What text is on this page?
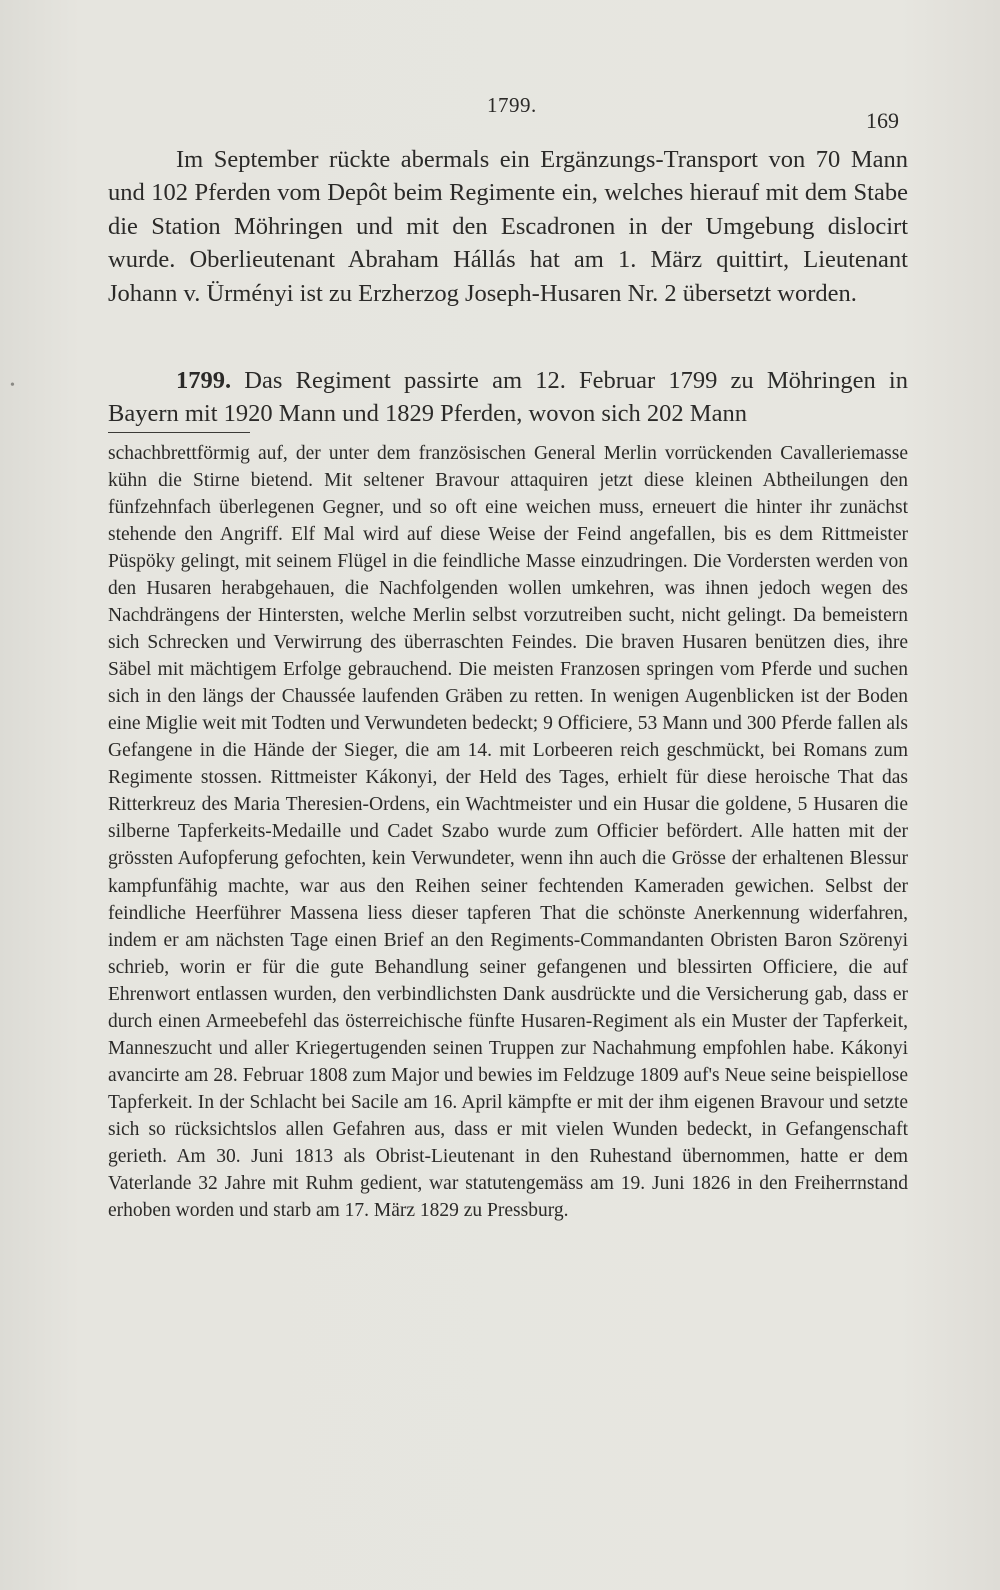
•
1799.
169

Im September rückte abermals ein Ergänzungs-Transport von 70 Mann und 102 Pferden vom Depôt beim Regimente ein, welches hierauf mit dem Stabe die Station Möhringen und mit den Escadronen in der Umgebung dislocirt wurde. Oberlieutenant Abraham Hállás hat am 1. März quittirt, Lieutenant Johann v. Ürményi ist zu Erzherzog Joseph-Husaren Nr. 2 übersetzt worden.

1799. Das Regiment passirte am 12. Februar 1799 zu Möhringen in Bayern mit 1920 Mann und 1829 Pferden, wovon sich 202 Mann

schachbrettförmig auf, der unter dem französischen General Merlin vorrückenden Cavalleriemasse kühn die Stirne bietend. Mit seltener Bravour attaquiren jetzt diese kleinen Abtheilungen den fünfzehnfach überlegenen Gegner, und so oft eine weichen muss, erneuert die hinter ihr zunächst stehende den Angriff. Elf Mal wird auf diese Weise der Feind angefallen, bis es dem Rittmeister Püspöky gelingt, mit seinem Flügel in die feindliche Masse einzudringen. Die Vordersten werden von den Husaren herabgehauen, die Nachfolgenden wollen umkehren, was ihnen jedoch wegen des Nachdrängens der Hintersten, welche Merlin selbst vorzutreiben sucht, nicht gelingt. Da bemeistern sich Schrecken und Verwirrung des überraschten Feindes. Die braven Husaren benützen dies, ihre Säbel mit mächtigem Erfolge gebrauchend. Die meisten Franzosen springen vom Pferde und suchen sich in den längs der Chaussée laufenden Gräben zu retten. In wenigen Augenblicken ist der Boden eine Miglie weit mit Todten und Verwundeten bedeckt; 9 Officiere, 53 Mann und 300 Pferde fallen als Gefangene in die Hände der Sieger, die am 14. mit Lorbeeren reich geschmückt, bei Romans zum Regimente stossen. Rittmeister Kákonyi, der Held des Tages, erhielt für diese heroische That das Ritterkreuz des Maria Theresien-Ordens, ein Wachtmeister und ein Husar die goldene, 5 Husaren die silberne Tapferkeits-Medaille und Cadet Szabo wurde zum Officier befördert. Alle hatten mit der grössten Aufopferung gefochten, kein Verwundeter, wenn ihn auch die Grösse der erhaltenen Blessur kampfunfähig machte, war aus den Reihen seiner fechtenden Kameraden gewichen. Selbst der feindliche Heerführer Massena liess dieser tapferen That die schönste Anerkennung widerfahren, indem er am nächsten Tage einen Brief an den Regiments-Commandanten Obristen Baron Szörenyi schrieb, worin er für die gute Behandlung seiner gefangenen und blessirten Officiere, die auf Ehrenwort entlassen wurden, den verbindlichsten Dank ausdrückte und die Versicherung gab, dass er durch einen Armeebefehl das österreichische fünfte Husaren-Regiment als ein Muster der Tapferkeit, Manneszucht und aller Kriegertugenden seinen Truppen zur Nachahmung empfohlen habe. Kákonyi avancirte am 28. Februar 1808 zum Major und bewies im Feldzuge 1809 auf's Neue seine beispiellose Tapferkeit. In der Schlacht bei Sacile am 16. April kämpfte er mit der ihm eigenen Bravour und setzte sich so rücksichtslos allen Gefahren aus, dass er mit vielen Wunden bedeckt, in Gefangenschaft gerieth. Am 30. Juni 1813 als Obrist-Lieutenant in den Ruhestand übernommen, hatte er dem Vaterlande 32 Jahre mit Ruhm gedient, war statutengemäss am 19. Juni 1826 in den Freiherrnstand erhoben worden und starb am 17. März 1829 zu Pressburg.
